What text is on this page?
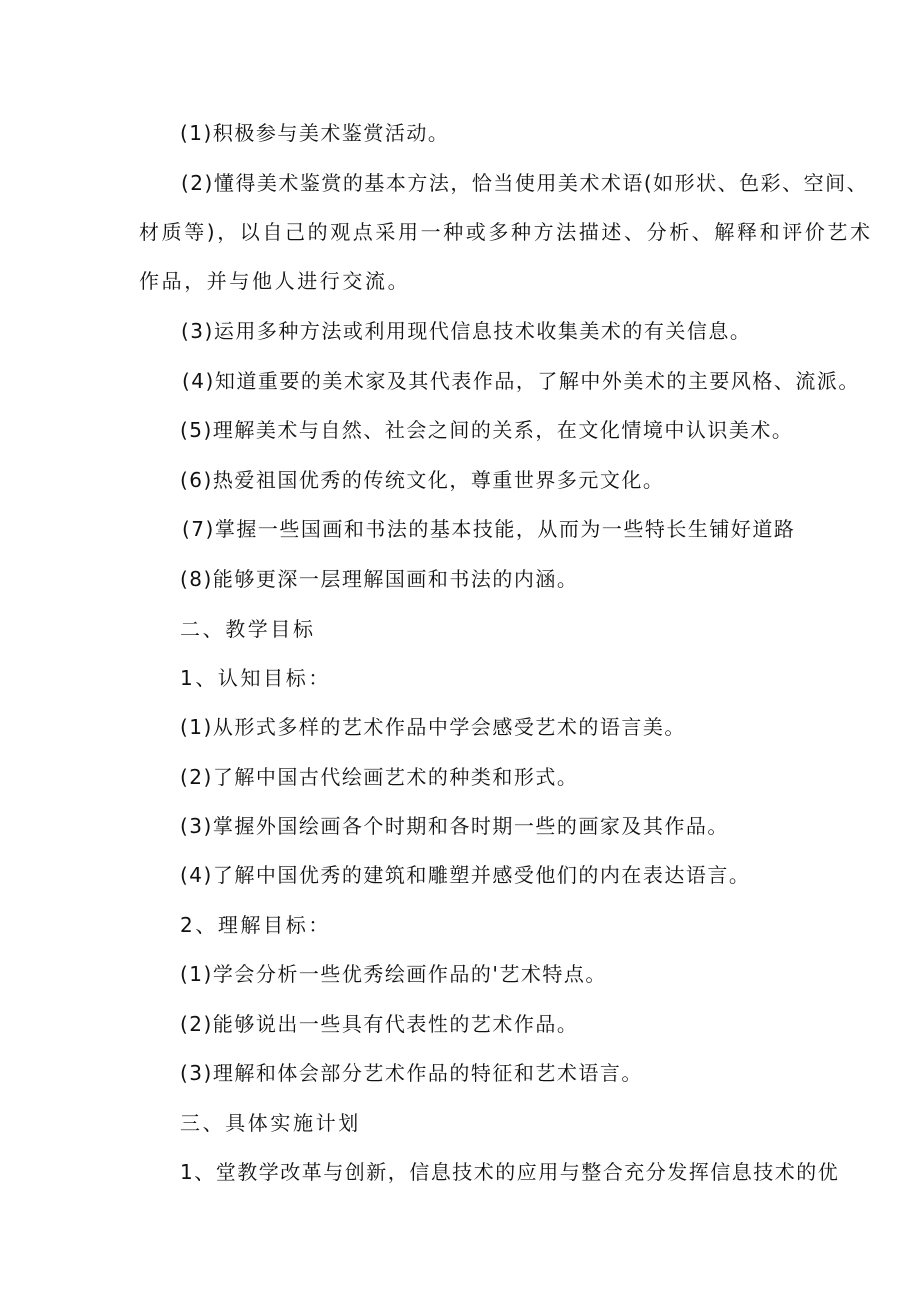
(1)积极参与美术鉴赏活动。
(2)懂得美术鉴赏的基本方法，恰当使用美术术语(如形状、色彩、空间、
材质等)，以自己的观点采用一种或多种方法描述、分析、解释和评价艺术
作品，并与他人进行交流。
(3)运用多种方法或利用现代信息技术收集美术的有关信息。
(4)知道重要的美术家及其代表作品，了解中外美术的主要风格、流派。
(5)理解美术与自然、社会之间的关系，在文化情境中认识美术。
(6)热爱祖国优秀的传统文化，尊重世界多元文化。
(7)掌握一些国画和书法的基本技能，从而为一些特长生铺好道路
(8)能够更深一层理解国画和书法的内涵。
二、教学目标
1、认知目标：
(1)从形式多样的艺术作品中学会感受艺术的语言美。
(2)了解中国古代绘画艺术的种类和形式。
(3)掌握外国绘画各个时期和各时期一些的画家及其作品。
(4)了解中国优秀的建筑和雕塑并感受他们的内在表达语言。
2、理解目标：
(1)学会分析一些优秀绘画作品的'艺术特点。
(2)能够说出一些具有代表性的艺术作品。
(3)理解和体会部分艺术作品的特征和艺术语言。
三、具体实施计划
1、堂教学改革与创新，信息技术的应用与整合充分发挥信息技术的优
